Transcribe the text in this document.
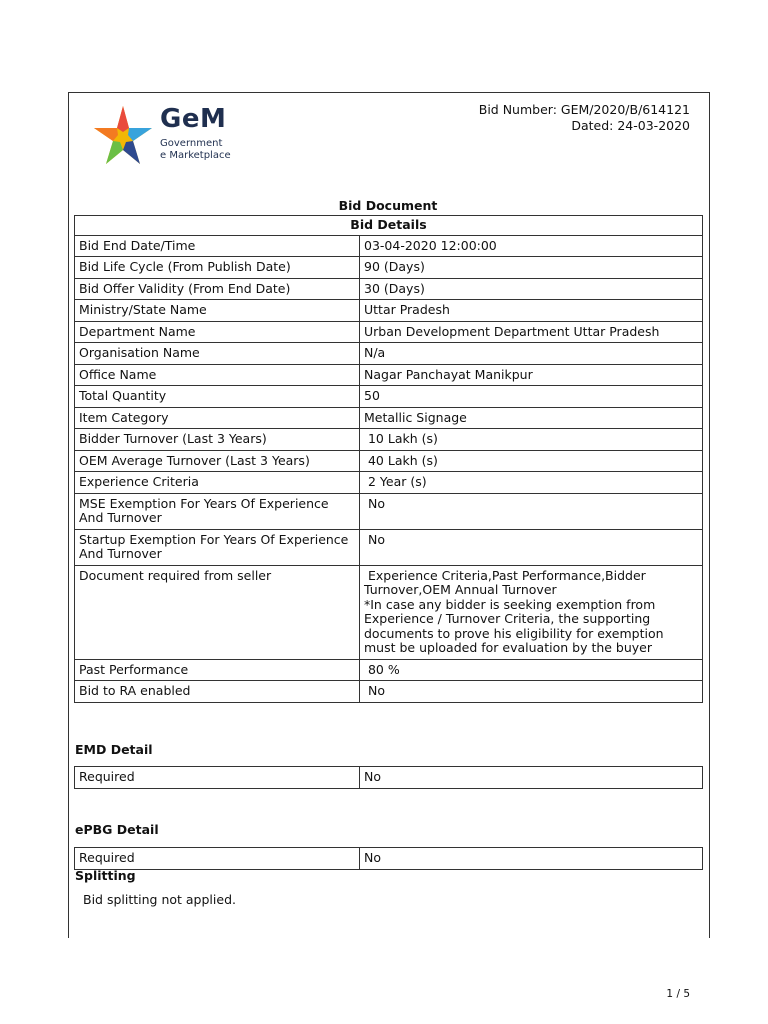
GeM
Government
e Marketplace
Bid Number: GEM/2020/B/614121
Dated: 24-03-2020
Bid Document
Bid Details	
Bid End Date/Time	03-04-2020 12:00:00
Bid Life Cycle (From Publish Date)	90 (Days)
Bid Offer Validity (From End Date)	30 (Days)
Ministry/State Name	Uttar Pradesh
Department Name	Urban Development Department Uttar Pradesh
Organisation Name	N/a
Office Name	Nagar Panchayat Manikpur
Total Quantity	50
Item Category	Metallic Signage
Bidder Turnover (Last 3 Years)	10 Lakh (s)
OEM Average Turnover (Last 3 Years)	40 Lakh (s)
Experience Criteria	2 Year (s)
MSE Exemption For Years Of Experience And Turnover	No
Startup Exemption For Years Of Experience And Turnover	No
Document required from seller	Experience Criteria,Past Performance,Bidder Turnover,OEM Annual Turnover
*In case any bidder is seeking exemption from Experience / Turnover Criteria, the supporting documents to prove his eligibility for exemption must be uploaded for evaluation by the buyer
Past Performance	80 %
Bid to RA enabled	No
EMD Detail
Required	No
ePBG Detail
Required	No
Splitting
Bid splitting not applied.
1 / 5
